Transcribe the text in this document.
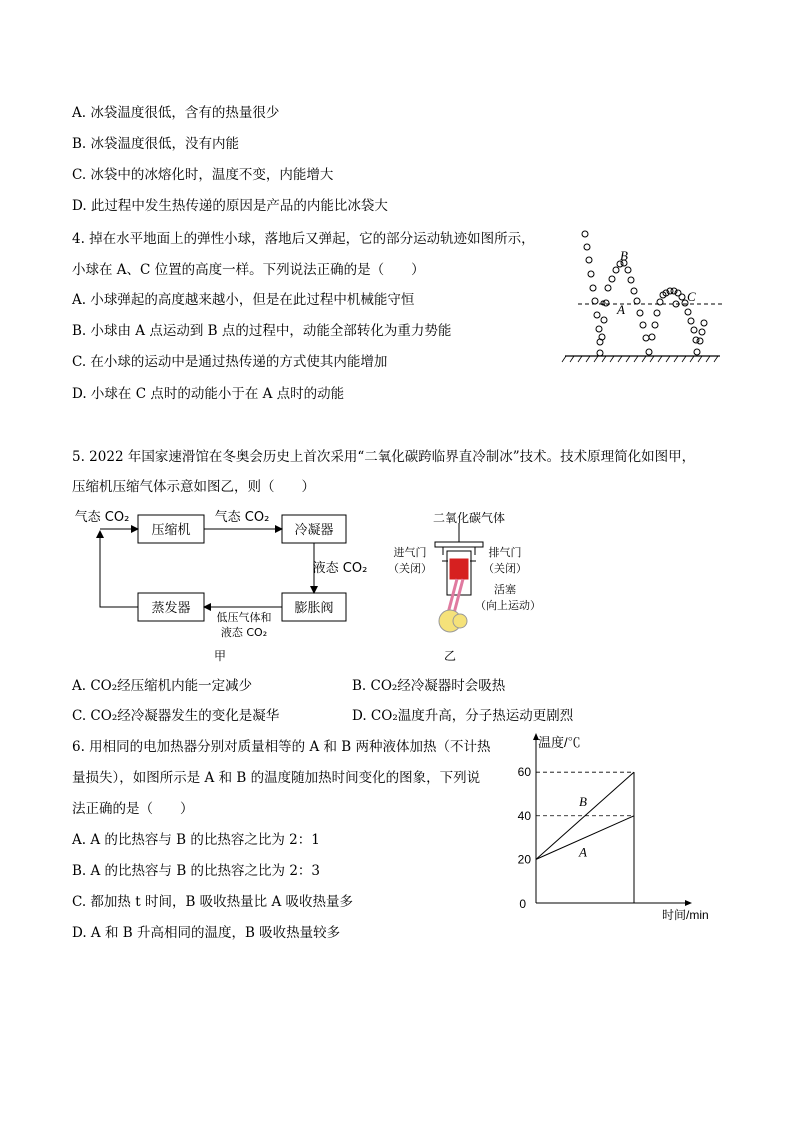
A. 冰袋温度很低，含有的热量很少
B. 冰袋温度很低，没有内能
C. 冰袋中的冰熔化时，温度不变，内能增大
D. 此过程中发生热传递的原因是产品的内能比冰袋大
4. 掉在水平地面上的弹性小球，落地后又弹起，它的部分运动轨迹如图所示，
小球在 A、C 位置的高度一样。下列说法正确的是（　　）
A. 小球弹起的高度越来越小，但是在此过程中机械能守恒
B. 小球由 A 点运动到 B 点的过程中，动能全部转化为重力势能
C. 在小球的运动中是通过热传递的方式使其内能增加
D. 小球在 C 点时的动能小于在 A 点时的动能
A
B
C
5. 2022 年国家速滑馆在冬奥会历史上首次采用“二氧化碳跨临界直冷制冰”技术。技术原理简化如图甲，
压缩机压缩气体示意如图乙，则（　　）
气态 CO₂
压缩机
气态 CO₂
冷凝器
液态 CO₂
膨胀阀
蒸发器
低压气体和
液态 CO₂
甲
二氧化碳气体
进气门
（关闭）
排气门
（关闭）
活塞
（向上运动）
乙
A. CO₂经压缩机内能一定减少	B. CO₂经冷凝器时会吸热
C. CO₂经冷凝器发生的变化是凝华	D. CO₂温度升高，分子热运动更剧烈
6. 用相同的电加热器分别对质量相等的 A 和 B 两种液体加热（不计热
量损失），如图所示是 A 和 B 的温度随加热时间变化的图象，下列说
法正确的是（　　）
A. A 的比热容与 B 的比热容之比为 2：1
B. A 的比热容与 B 的比热容之比为 2：3
C. 都加热 t 时间，B 吸收热量比 A 吸收热量多
D. A 和 B 升高相同的温度，B 吸收热量较多
20
40
60
B
A
温度/℃
时间/min
0
